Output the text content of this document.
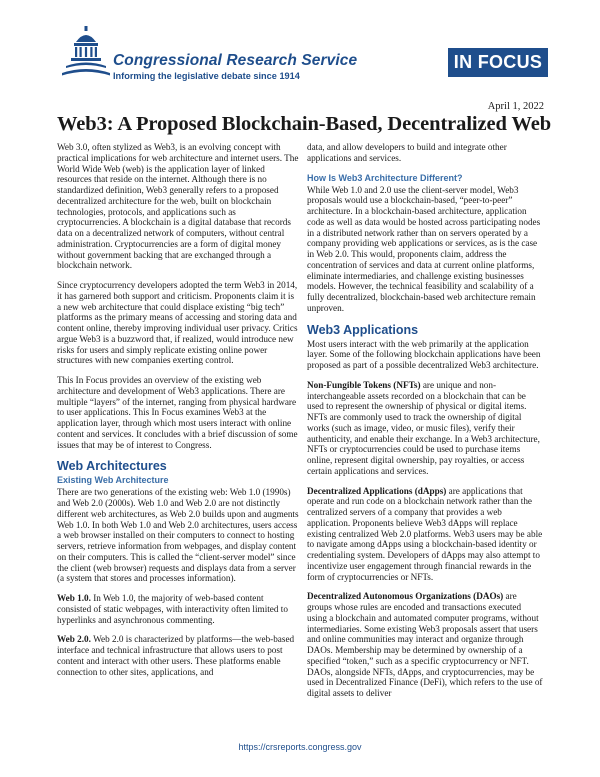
Congressional Research Service
Informing the legislative debate since 1914
IN FOCUS
April 1, 2022
Web3: A Proposed Blockchain-Based, Decentralized Web

Web 3.0, often stylized as Web3, is an evolving concept with practical implications for web architecture and internet users. The World Wide Web (web) is the application layer of linked resources that reside on the internet. Although there is no standardized definition, Web3 generally refers to a proposed decentralized architecture for the web, built on blockchain technologies, protocols, and applications such as cryptocurrencies. A blockchain is a digital database that records data on a decentralized network of computers, without central administration. Cryptocurrencies are a form of digital money without government backing that are exchanged through a blockchain network.

Since cryptocurrency developers adopted the term Web3 in 2014, it has garnered both support and criticism. Proponents claim it is a new web architecture that could displace existing “big tech” platforms as the primary means of accessing and storing data and content online, thereby improving individual user privacy. Critics argue Web3 is a buzzword that, if realized, would introduce new risks for users and simply replicate existing online power structures with new companies exerting control.

This In Focus provides an overview of the existing web architecture and development of Web3 applications. There are multiple “layers” of the internet, ranging from physical hardware to user applications. This In Focus examines Web3 at the application layer, through which most users interact with online content and services. It concludes with a brief discussion of some issues that may be of interest to Congress.

Web Architectures
Existing Web Architecture

There are two generations of the existing web: Web 1.0 (1990s) and Web 2.0 (2000s). Web 1.0 and Web 2.0 are not distinctly different web architectures, as Web 2.0 builds upon and augments Web 1.0. In both Web 1.0 and Web 2.0 architectures, users access a web browser installed on their computers to connect to hosting servers, retrieve information from webpages, and display content on their computers. This is called the “client-server model” since the client (web browser) requests and displays data from a server (a system that stores and processes information).

Web 1.0. In Web 1.0, the majority of web-based content consisted of static webpages, with interactivity often limited to hyperlinks and asynchronous commenting.

Web 2.0. Web 2.0 is characterized by platforms—the web-based interface and technical infrastructure that allows users to post content and interact with other users. These platforms enable connection to other sites, applications, and

data, and allow developers to build and integrate other applications and services.

How Is Web3 Architecture Different?

While Web 1.0 and 2.0 use the client-server model, Web3 proposals would use a blockchain-based, “peer-to-peer” architecture. In a blockchain-based architecture, application code as well as data would be hosted across participating nodes in a distributed network rather than on servers operated by a company providing web applications or services, as is the case in Web 2.0. This would, proponents claim, address the concentration of services and data at current online platforms, eliminate intermediaries, and challenge existing businesses models. However, the technical feasibility and scalability of a fully decentralized, blockchain-based web architecture remain unproven.

Web3 Applications

Most users interact with the web primarily at the application layer. Some of the following blockchain applications have been proposed as part of a possible decentralized Web3 architecture.

Non-Fungible Tokens (NFTs) are unique and non-interchangeable assets recorded on a blockchain that can be used to represent the ownership of physical or digital items. NFTs are commonly used to track the ownership of digital works (such as image, video, or music files), verify their authenticity, and enable their exchange. In a Web3 architecture, NFTs or cryptocurrencies could be used to purchase items online, represent digital ownership, pay royalties, or access certain applications and services.

Decentralized Applications (dApps) are applications that operate and run code on a blockchain network rather than the centralized servers of a company that provides a web application. Proponents believe Web3 dApps will replace existing centralized Web 2.0 platforms. Web3 users may be able to navigate among dApps using a blockchain-based identity or credentialing system. Developers of dApps may also attempt to incentivize user engagement through financial rewards in the form of cryptocurrencies or NFTs.

Decentralized Autonomous Organizations (DAOs) are groups whose rules are encoded and transactions executed using a blockchain and automated computer programs, without intermediaries. Some existing Web3 proposals assert that users and online communities may interact and organize through DAOs. Membership may be determined by ownership of a specified “token,” such as a specific cryptocurrency or NFT. DAOs, alongside NFTs, dApps, and cryptocurrencies, may be used in Decentralized Finance (DeFi), which refers to the use of digital assets to deliver

https://crsreports.congress.gov
